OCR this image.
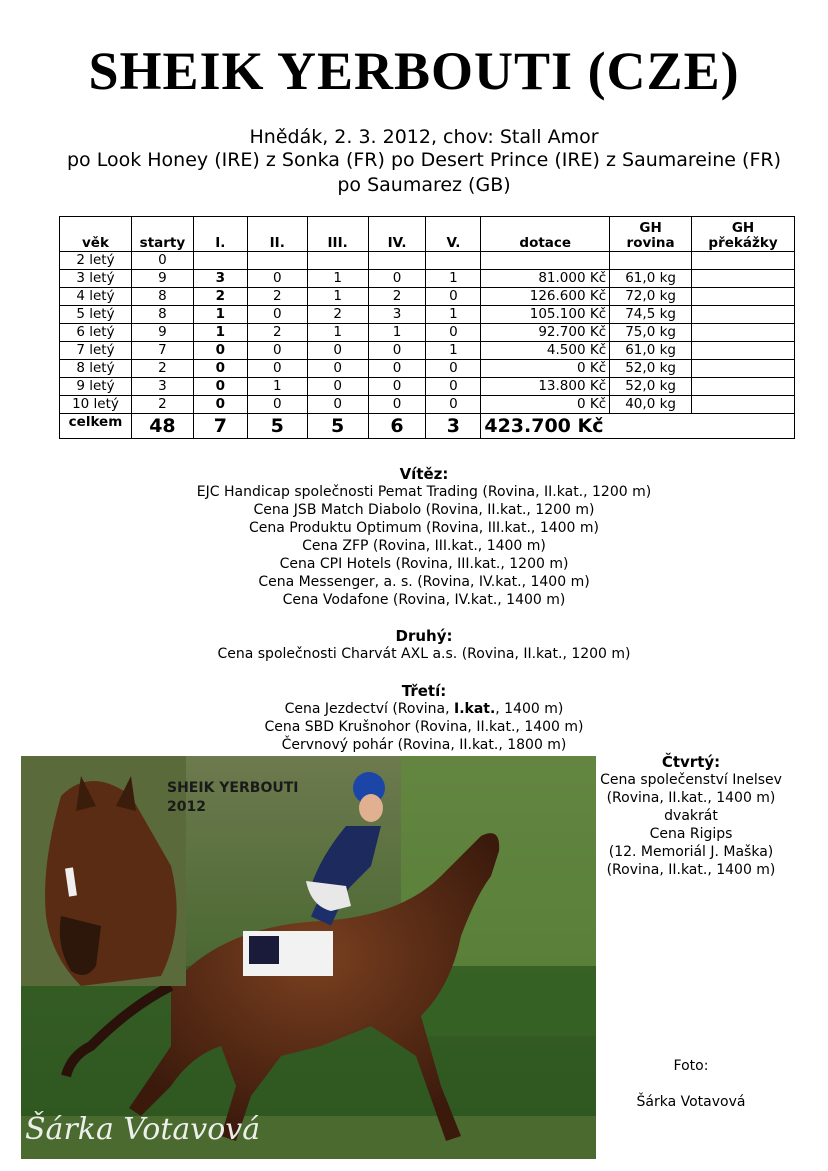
SHEIK YERBOUTI (CZE)
Hnědák, 2. 3. 2012, chov: Stall Amor
po Look Honey (IRE) z Sonka (FR) po Desert Prince (IRE) z Saumareine (FR)
po Saumarez (GB)
věk	starty	I.	II.	III.	IV.	V.	dotace	GH rovina	GH překážky
2 letý	0								
3 letý	9	3	0	1	0	1	81.000 Kč	61,0 kg	
4 letý	8	2	2	1	2	0	126.600 Kč	72,0 kg	
5 letý	8	1	0	2	3	1	105.100 Kč	74,5 kg	
6 letý	9	1	2	1	1	0	92.700 Kč	75,0 kg	
7 letý	7	0	0	0	0	1	4.500 Kč	61,0 kg	
8 letý	2	0	0	0	0	0	0 Kč	52,0 kg	
9 letý	3	0	1	0	0	0	13.800 Kč	52,0 kg	
10 letý	2	0	0	0	0	0	0 Kč	40,0 kg	
celkem	48	7	5	5	6	3	423.700 Kč		
Vítěz:
EJC Handicap společnosti Pemat Trading (Rovina, II.kat., 1200 m)
Cena JSB Match Diabolo (Rovina, II.kat., 1200 m)
Cena Produktu Optimum (Rovina, III.kat., 1400 m)
Cena ZFP (Rovina, III.kat., 1400 m)
Cena CPI Hotels (Rovina, III.kat., 1200 m)
Cena Messenger, a. s. (Rovina, IV.kat., 1400 m)
Cena Vodafone (Rovina, IV.kat., 1400 m)
Druhý:
Cena společnosti Charvát AXL a.s. (Rovina, II.kat., 1200 m)
Třetí:
Cena Jezdectví (Rovina, I.kat., 1400 m)
Cena SBD Krušnohor (Rovina, II.kat., 1400 m)
Červnový pohár (Rovina, II.kat., 1800 m)
SHEIK YERBOUTI
2012
Šárka Votavová
Čtvrtý:
Cena společenství Inelsev
(Rovina, II.kat., 1400 m)
dvakrát
Cena Rigips
(12. Memoriál J. Maška)
(Rovina, II.kat., 1400 m)
Foto:
Šárka Votavová
